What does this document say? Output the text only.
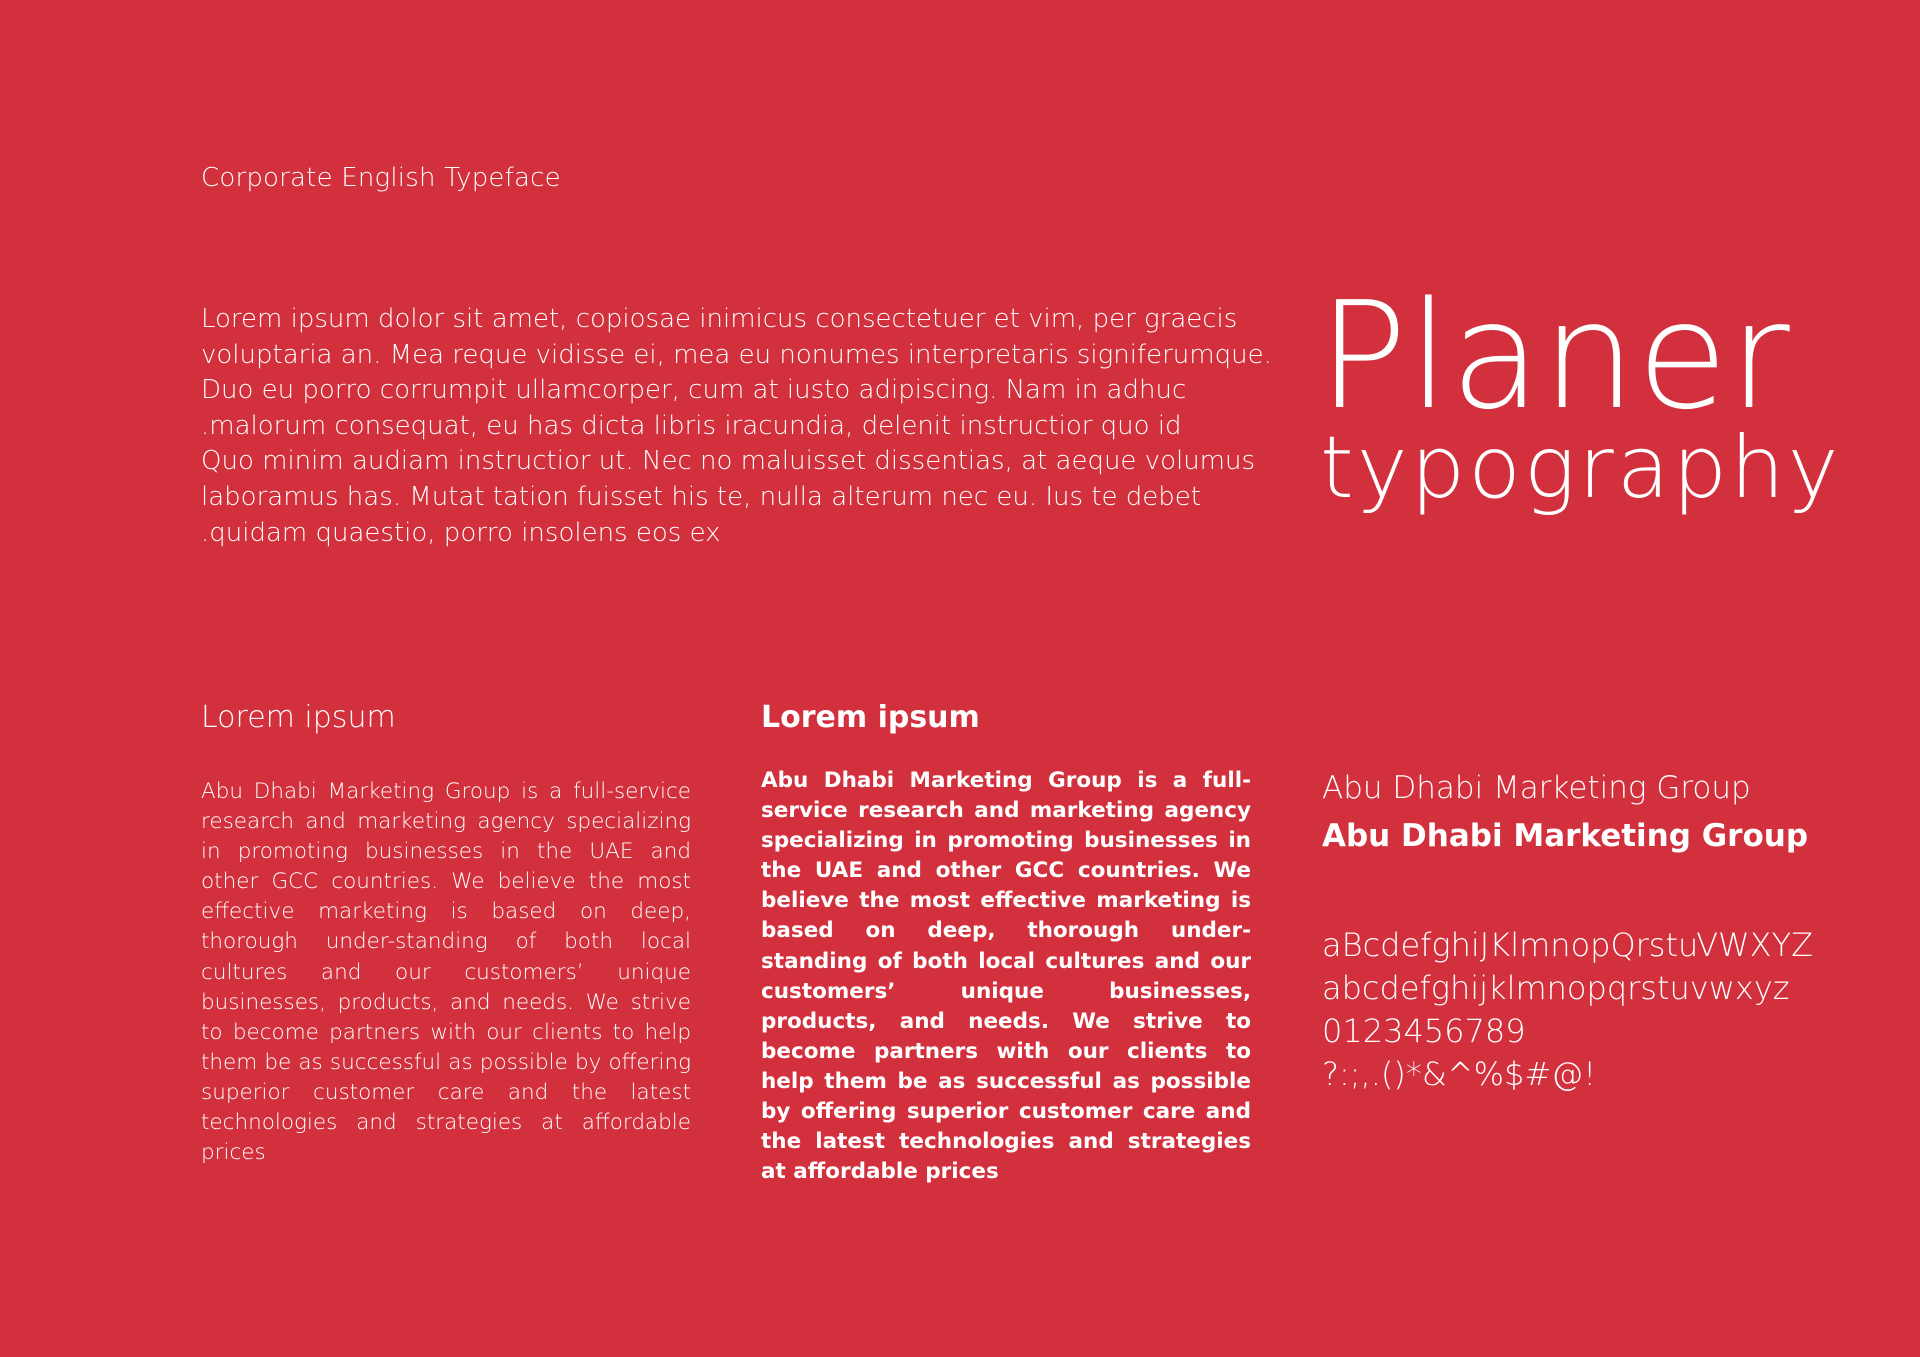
Corporate English Typeface
Lorem ipsum dolor sit amet, copiosae inimicus consectetuer et vim, per graecis
voluptaria an. Mea reque vidisse ei, mea eu nonumes interpretaris signiferumque.
Duo eu porro corrumpit ullamcorper, cum at iusto adipiscing. Nam in adhuc
.malorum consequat, eu has dicta libris iracundia, delenit instructior quo id
Quo minim audiam instructior ut. Nec no maluisset dissentias, at aeque volumus
laboramus has. Mutat tation fuisset his te, nulla alterum nec eu. Ius te debet
.quidam quaestio, porro insolens eos ex
Planer
typography
Lorem ipsum
Abu Dhabi Marketing Group is a full-service research and marketing agency specializing in promoting businesses in the UAE and other GCC countries. We believe the most effective marketing is based on deep, thorough under-standing of both local cultures and our customers’ unique businesses, products, and needs. We strive to become partners with our clients to help them be as successful as possible by offering superior customer care and the latest technologies and strategies at affordable prices
Lorem ipsum
Abu Dhabi Marketing Group is a full-service research and marketing agency specializing in promoting businesses in the UAE and other GCC countries. We believe the most effective marketing is based on deep, thorough under-standing of both local cultures and our customers’ unique businesses, products, and needs. We strive to become partners with our clients to help them be as successful as possible by offering superior customer care and the latest technologies and strategies at affordable prices
Abu Dhabi Marketing Group
Abu Dhabi Marketing Group
aBcdefghiJKlmnopQrstuVWXYZ
abcdefghijklmnopqrstuvwxyz
0123456789
?:;,.()*&^%$#@!
